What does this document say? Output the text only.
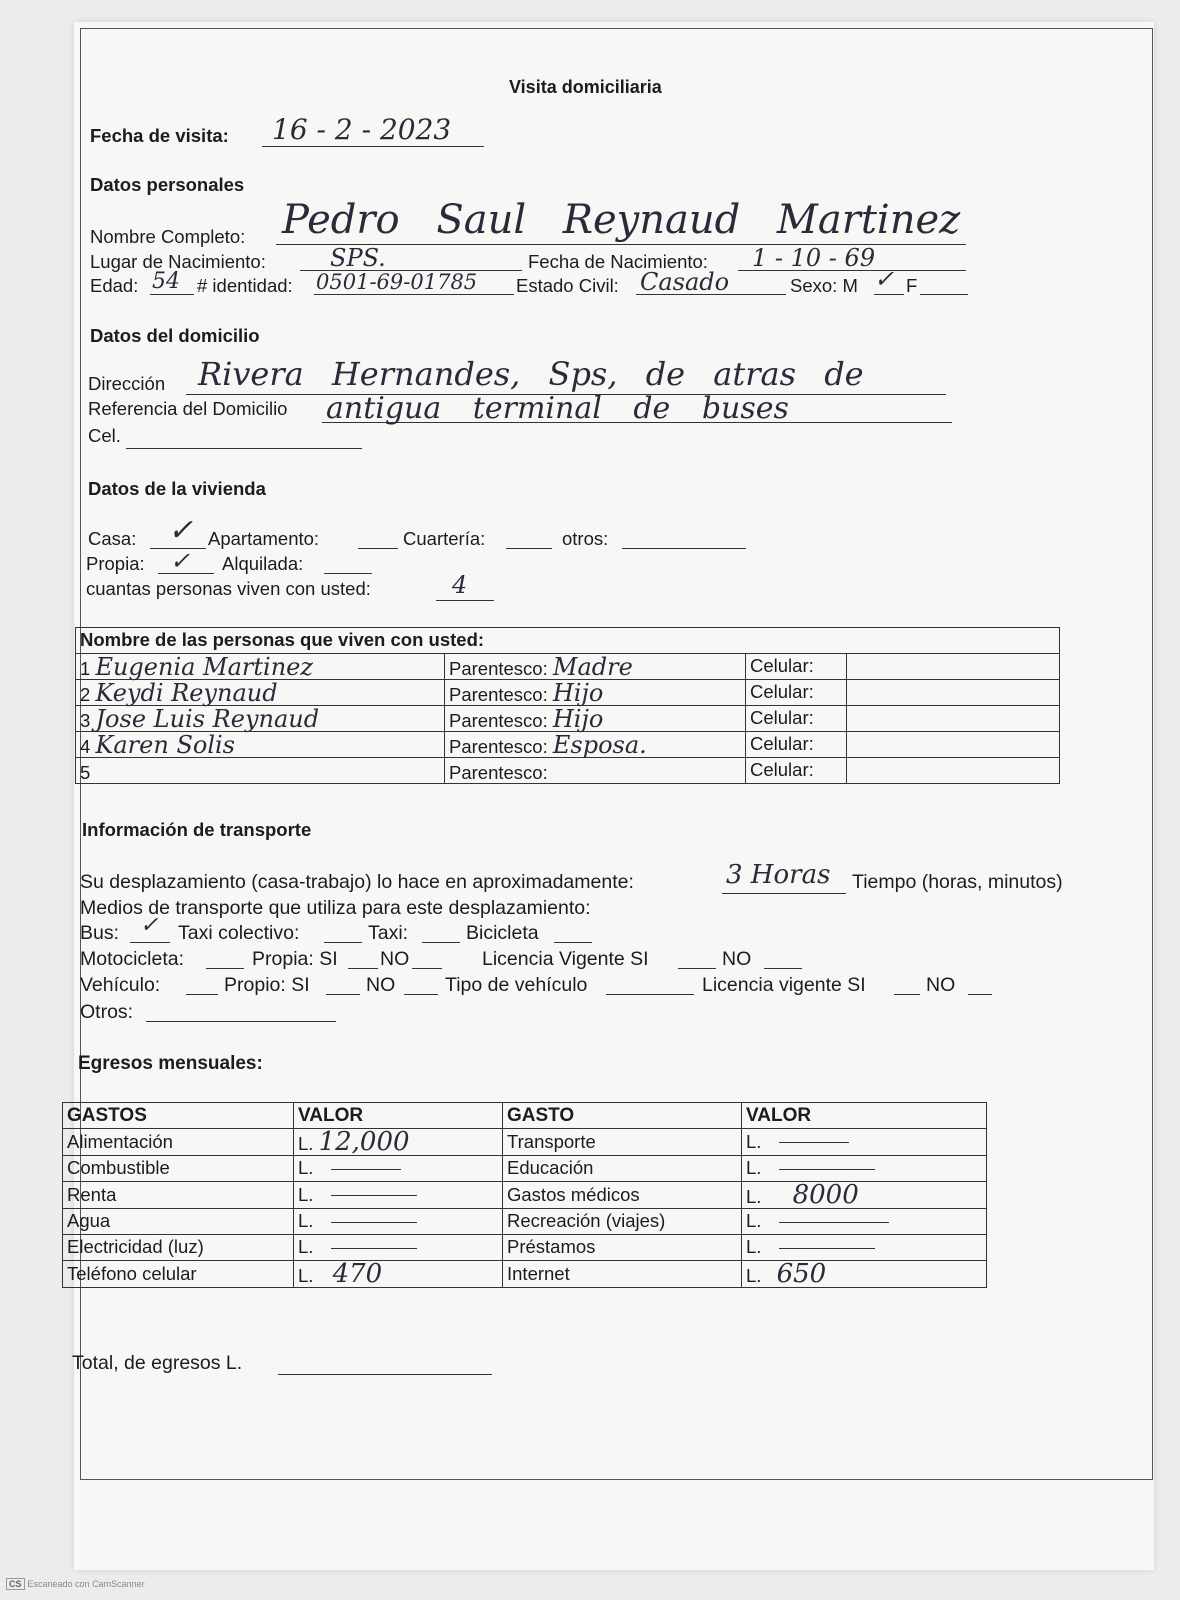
Visita domiciliaria
Fecha de visita: 16 - 2 - 2023
Datos personales
Nombre Completo: Pedro Saul Reynaud Martinez
Lugar de Nacimiento:	SPS.	Fecha de Nacimiento: 1 - 10 - 69
Edad: 54 # identidad: 0501-69-01785 Estado Civil: Casado	Sexo: M ✓ F
Datos del domicilio
Dirección Rivera Hernandes, Sps, de atras de
Referencia del Domicilio antigua terminal de buses
Cel.
Datos de la vivienda
Casa: ✓ Apartamento:	Cuartería:	otros:
Propia: ✓ Alquilada:
cuantas personas viven con usted:	4
Nombre de las personas que viven con usted:			
1 Eugenia Martinez	Parentesco: Madre	Celular:	
2 Keydi Reynaud	Parentesco: Hijo	Celular:	
3 Jose Luis Reynaud	Parentesco: Hijo	Celular:	
4 Karen Solis	Parentesco: Esposa.	Celular:	
5	Parentesco:	Celular:	
Información de transporte
Su desplazamiento (casa-trabajo) lo hace en aproximadamente:	3 Horas Tiempo (horas, minutos)
Medios de transporte que utiliza para este desplazamiento:
Bus: ✓ Taxi colectivo:	Taxi:	Bicicleta
Motocicleta:	Propia: SI NO	Licencia Vigente SI	NO
Vehículo:	Propio: SI	NO	Tipo de vehículo	Licencia vigente SI	NO
Otros:
Egresos mensuales:
GASTOS	VALOR	GASTO	VALOR
Alimentación	L. 12,000	Transporte	L.
Combustible	L.	Educación	L.
Renta	L.	Gastos médicos	L. 8000
Agua	L.	Recreación (viajes)	L.
Electricidad (luz)	L.	Préstamos	L.
Teléfono celular	L. 470	Internet	L. 650
Total, de egresos L.
CS Escaneado con CamScanner
